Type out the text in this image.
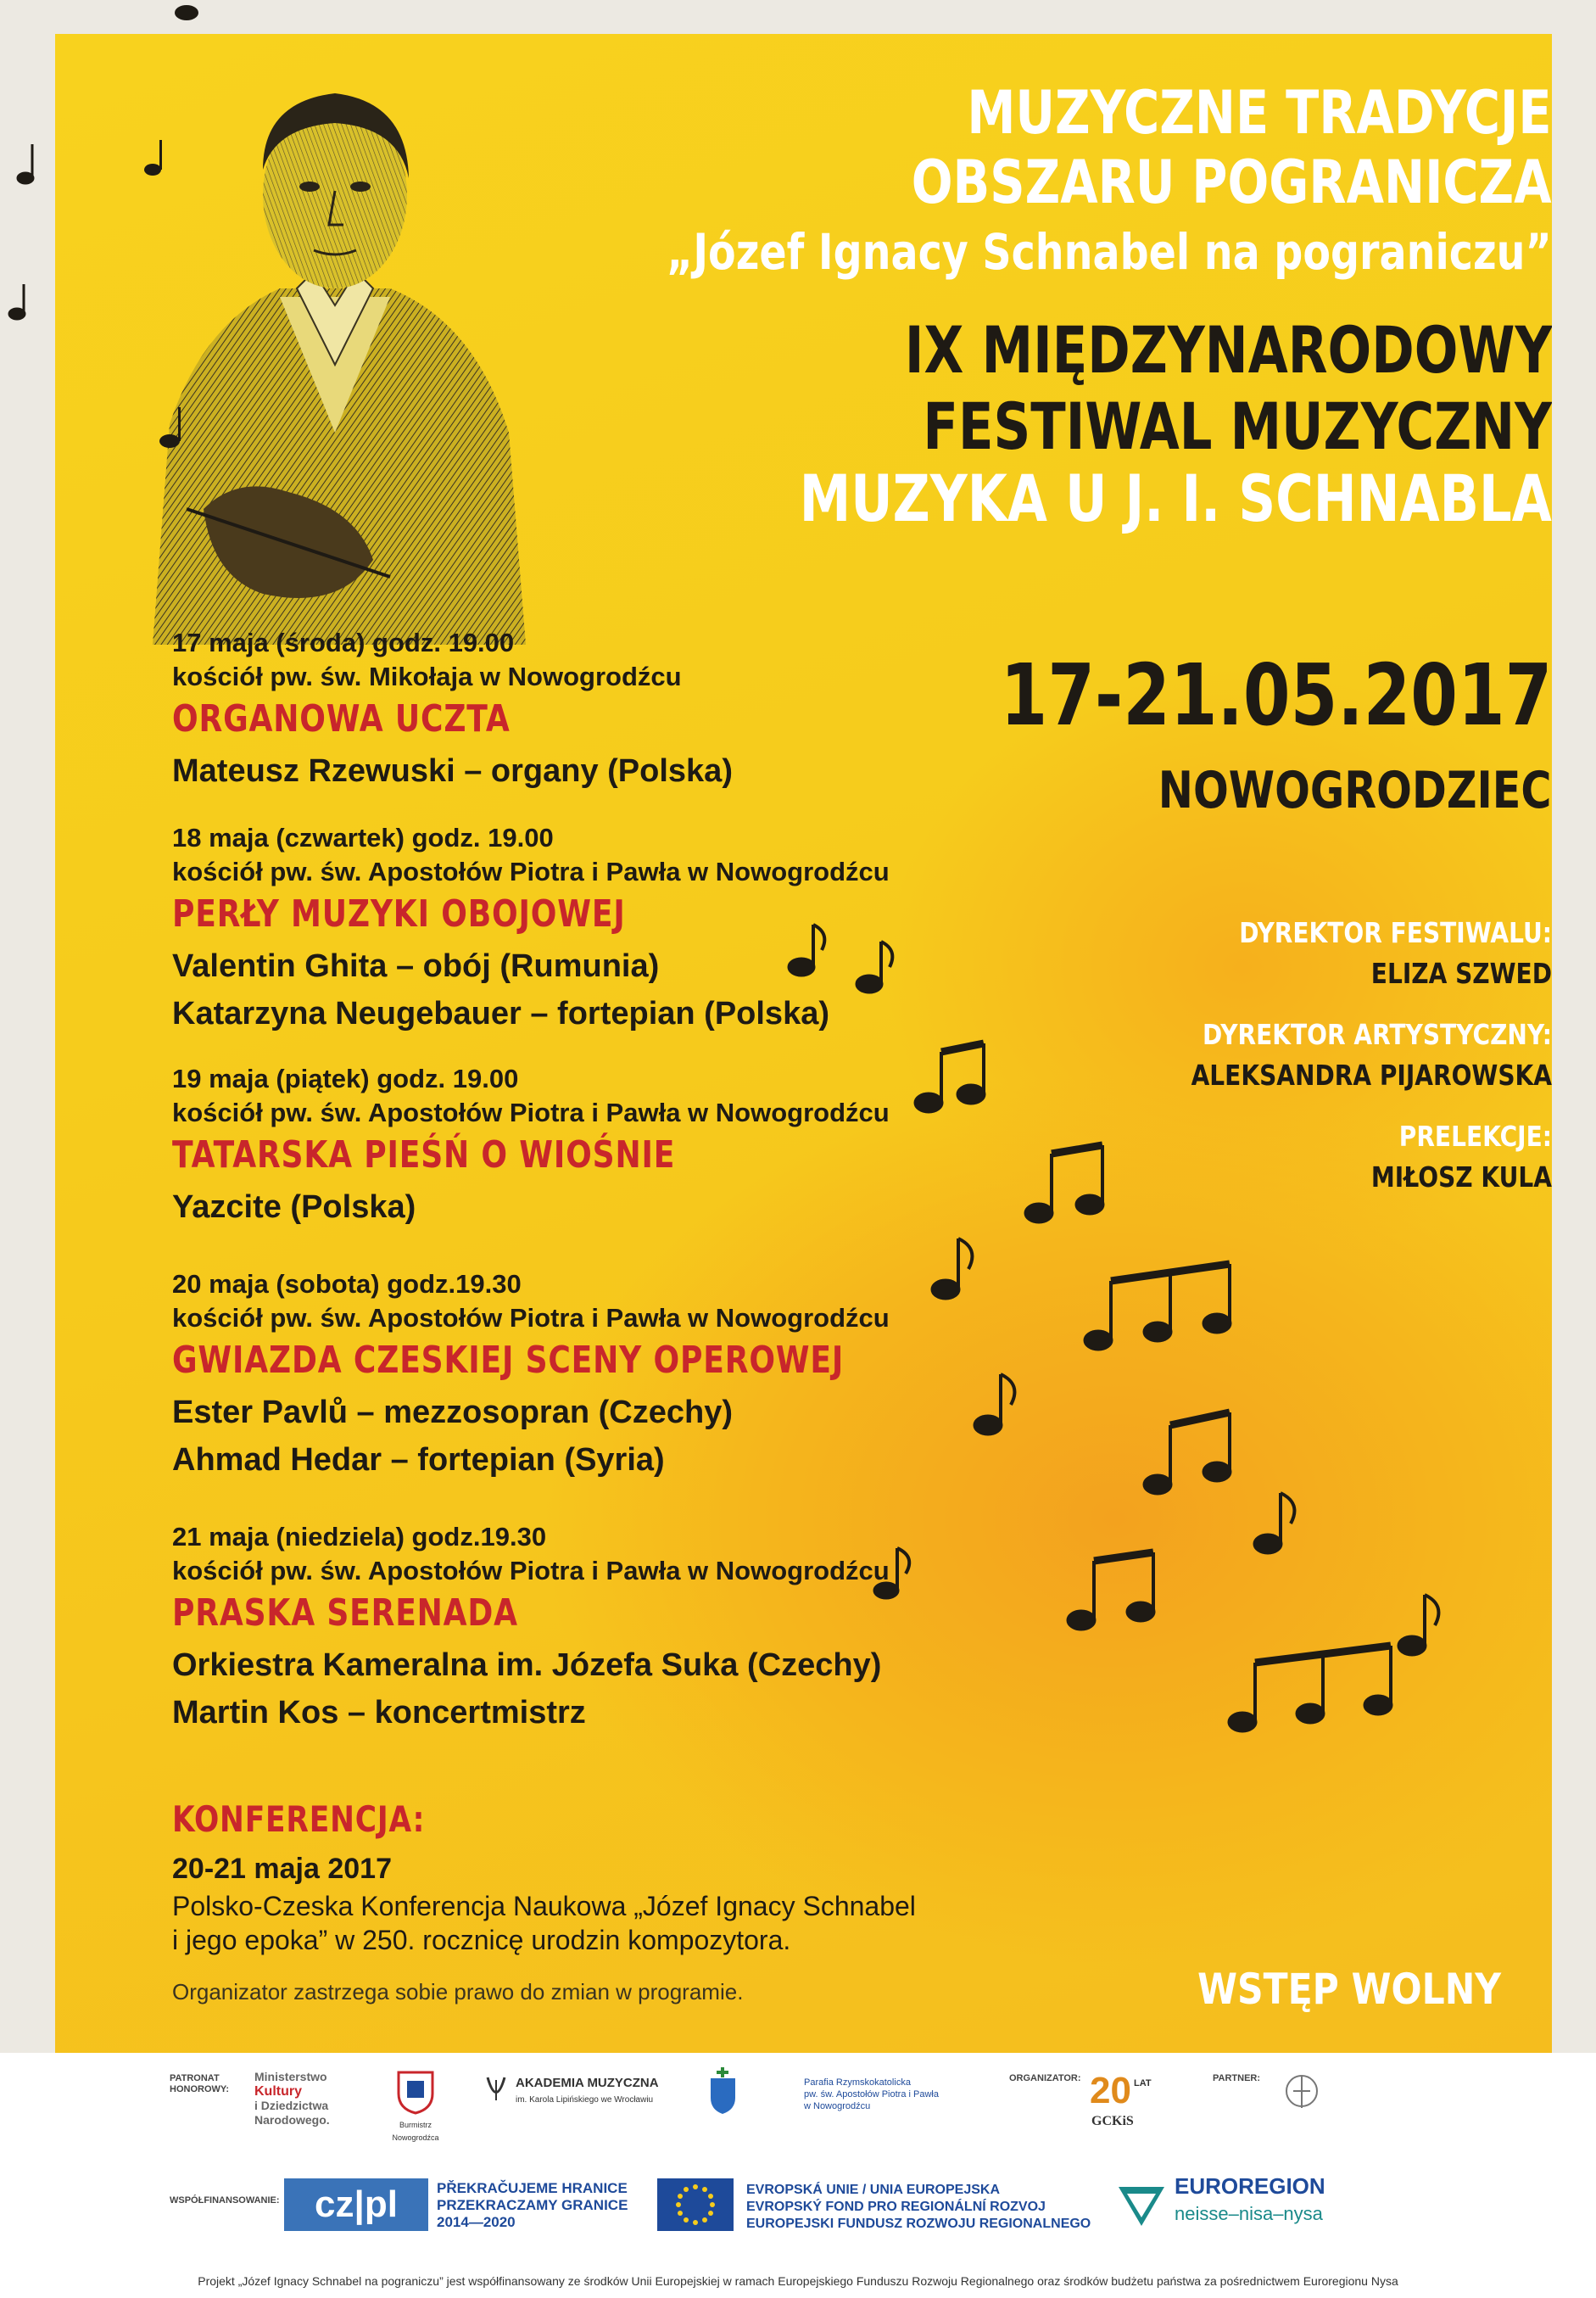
MUZYCZNE TRADYCJE
OBSZARU POGRANICZA
„Józef Ignacy Schnabel na pograniczu”
IX MIĘDZYNARODOWY
FESTIWAL MUZYCZNY
MUZYKA U J. I. SCHNABLA
17-21.05.2017
NOWOGRODZIEC
DYREKTOR FESTIWALU:
ELIZA SZWED
DYREKTOR ARTYSTYCZNY:
ALEKSANDRA PIJAROWSKA
PRELEKCJE:
MIŁOSZ KULA
17 maja (środa) godz. 19.00
kościół pw. św. Mikołaja w Nowogrodźcu
ORGANOWA UCZTA
Mateusz Rzewuski – organy (Polska)
18 maja (czwartek) godz. 19.00
kościół pw. św. Apostołów Piotra i Pawła w Nowogrodźcu
PERŁY MUZYKI OBOJOWEJ
Valentin Ghita – obój (Rumunia)
Katarzyna Neugebauer – fortepian (Polska)
19 maja (piątek) godz. 19.00
kościół pw. św. Apostołów Piotra i Pawła w Nowogrodźcu
TATARSKA PIEŚŃ O WIOŚNIE
Yazcite (Polska)
20 maja (sobota) godz.19.30
kościół pw. św. Apostołów Piotra i Pawła w Nowogrodźcu
GWIAZDA CZESKIEJ SCENY OPEROWEJ
Ester Pavlů – mezzosopran (Czechy)
Ahmad Hedar – fortepian (Syria)
21 maja (niedziela) godz.19.30
kościół pw. św. Apostołów Piotra i Pawła w Nowogrodźcu
PRASKA SERENADA
Orkiestra Kameralna im. Józefa Suka (Czechy)
Martin Kos – koncertmistrz
KONFERENCJA:
20-21 maja 2017
Polsko-Czeska Konferencja Naukowa „Józef Ignacy Schnabel
i jego epoka” w 250. rocznicę urodzin kompozytora.
Organizator zastrzega sobie prawo do zmian w programie.	WSTĘP WOLNY
PATRONAT HONOROWY:
Ministerstwo
Kultury
i Dziedzictwa
Narodowego.	Burmistrz Nowogrodźca
AKADEMIA MUZYCZNA
im. Karola Lipińskiego we Wrocławiu
Parafia Rzymskokatolicka
pw. św. Apostołów Piotra i Pawła
w Nowogrodźcu
ORGANIZATOR: 20 LAT
GCKiS
PARTNER:
WSPÓŁFINANSOWANIE: cz|pl	PŘEKRAČUJEME HRANICE
PRZEKRACZAMY GRANICE
2014—2020
EVROPSKÁ UNIE / UNIA EUROPEJSKA
EVROPSKÝ FOND PRO REGIONÁLNÍ ROZVOJ
EUROPEJSKI FUNDUSZ ROZWOJU REGIONALNEGO
EUROREGION
neisse–nisa–nysa
Projekt „Józef Ignacy Schnabel na pograniczu” jest współfinansowany ze środków Unii Europejskiej w ramach Europejskiego Funduszu Rozwoju Regionalnego oraz środków budżetu państwa za pośrednictwem Euroregionu Nysa
